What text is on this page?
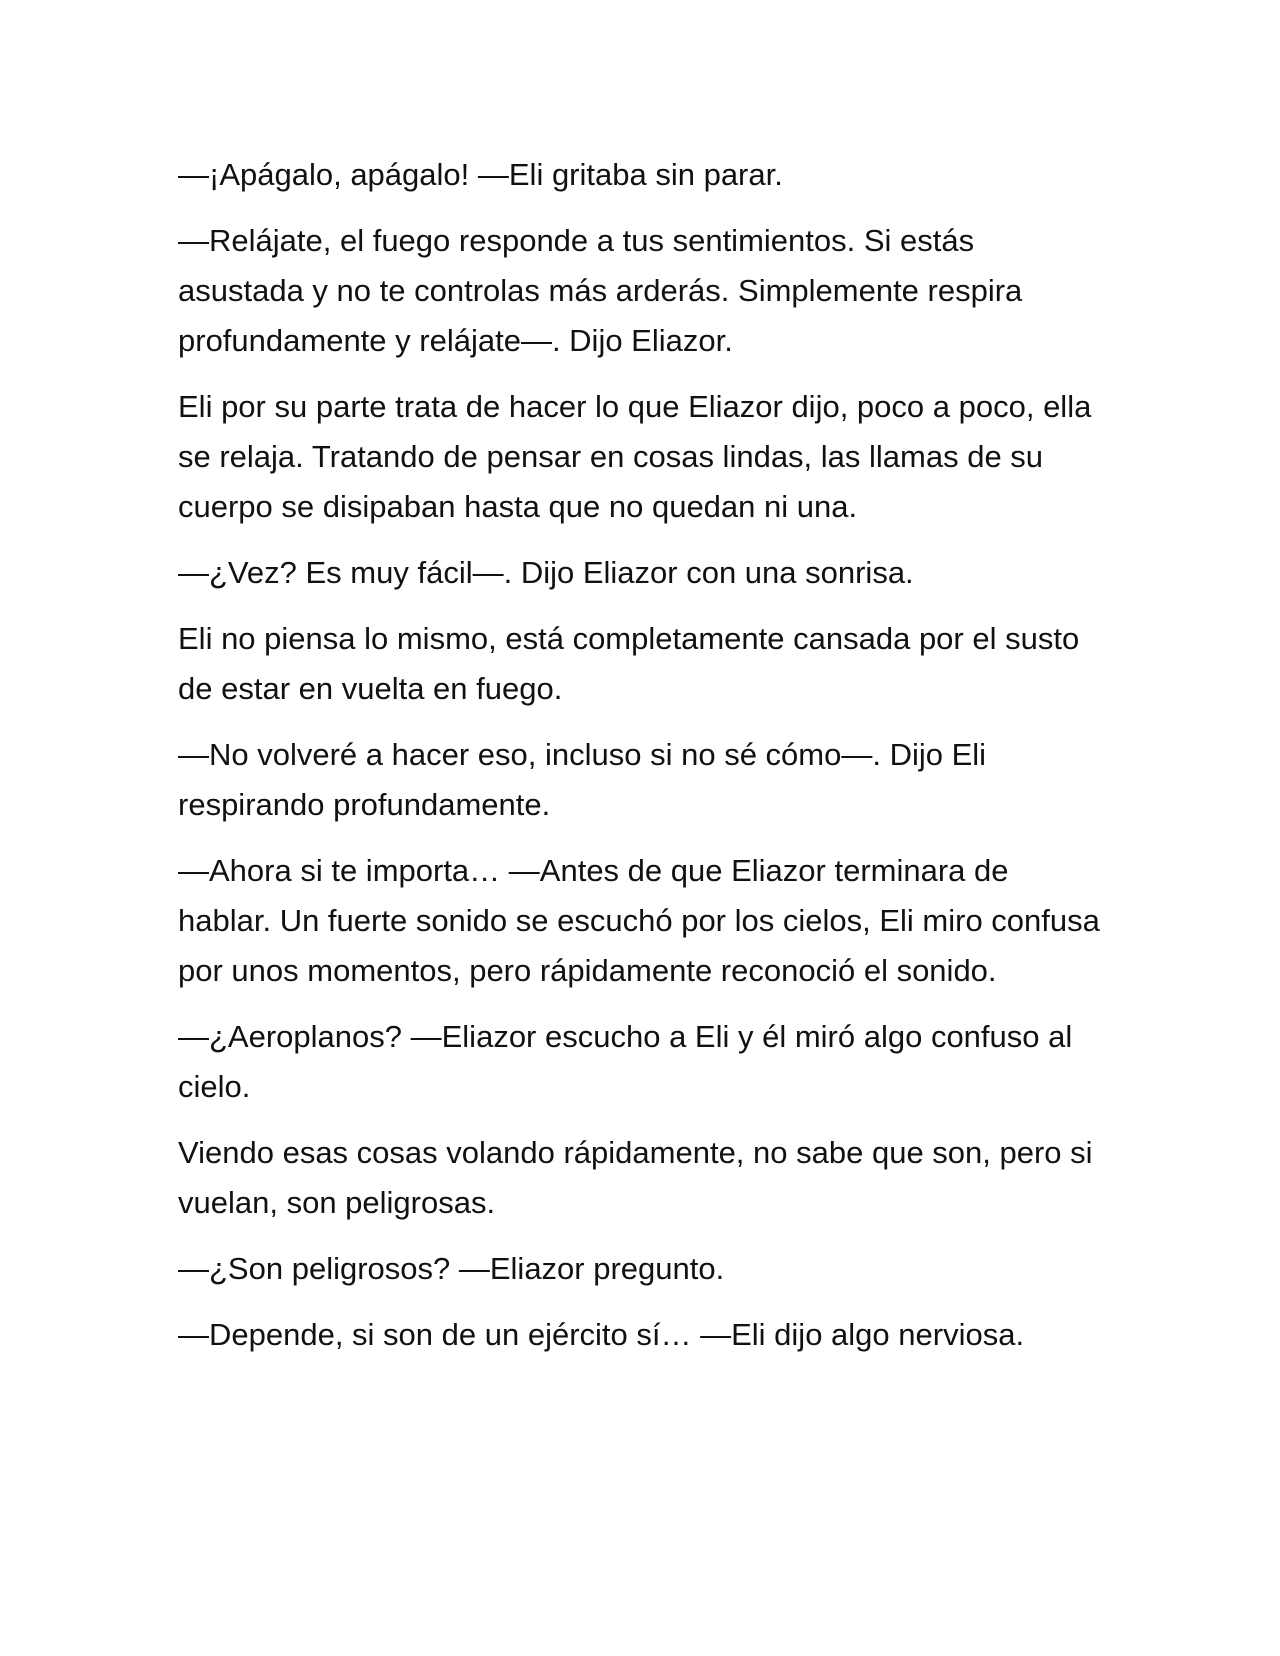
—¡Apágalo, apágalo! —Eli gritaba sin parar.

—Relájate, el fuego responde a tus sentimientos. Si estás asustada y no te controlas más arderás. Simplemente respira profundamente y relájate—. Dijo Eliazor.

Eli por su parte trata de hacer lo que Eliazor dijo, poco a poco, ella se relaja. Tratando de pensar en cosas lindas, las llamas de su cuerpo se disipaban hasta que no quedan ni una.

—¿Vez? Es muy fácil—. Dijo Eliazor con una sonrisa.

Eli no piensa lo mismo, está completamente cansada por el susto de estar en vuelta en fuego.

—No volveré a hacer eso, incluso si no sé cómo—. Dijo Eli respirando profundamente.

—Ahora si te importa… —Antes de que Eliazor terminara de hablar. Un fuerte sonido se escuchó por los cielos, Eli miro confusa por unos momentos, pero rápidamente reconoció el sonido.

—¿Aeroplanos? —Eliazor escucho a Eli y él miró algo confuso al cielo.

Viendo esas cosas volando rápidamente, no sabe que son, pero si vuelan, son peligrosas.

—¿Son peligrosos? —Eliazor pregunto.

—Depende, si son de un ejército sí… —Eli dijo algo nerviosa.
